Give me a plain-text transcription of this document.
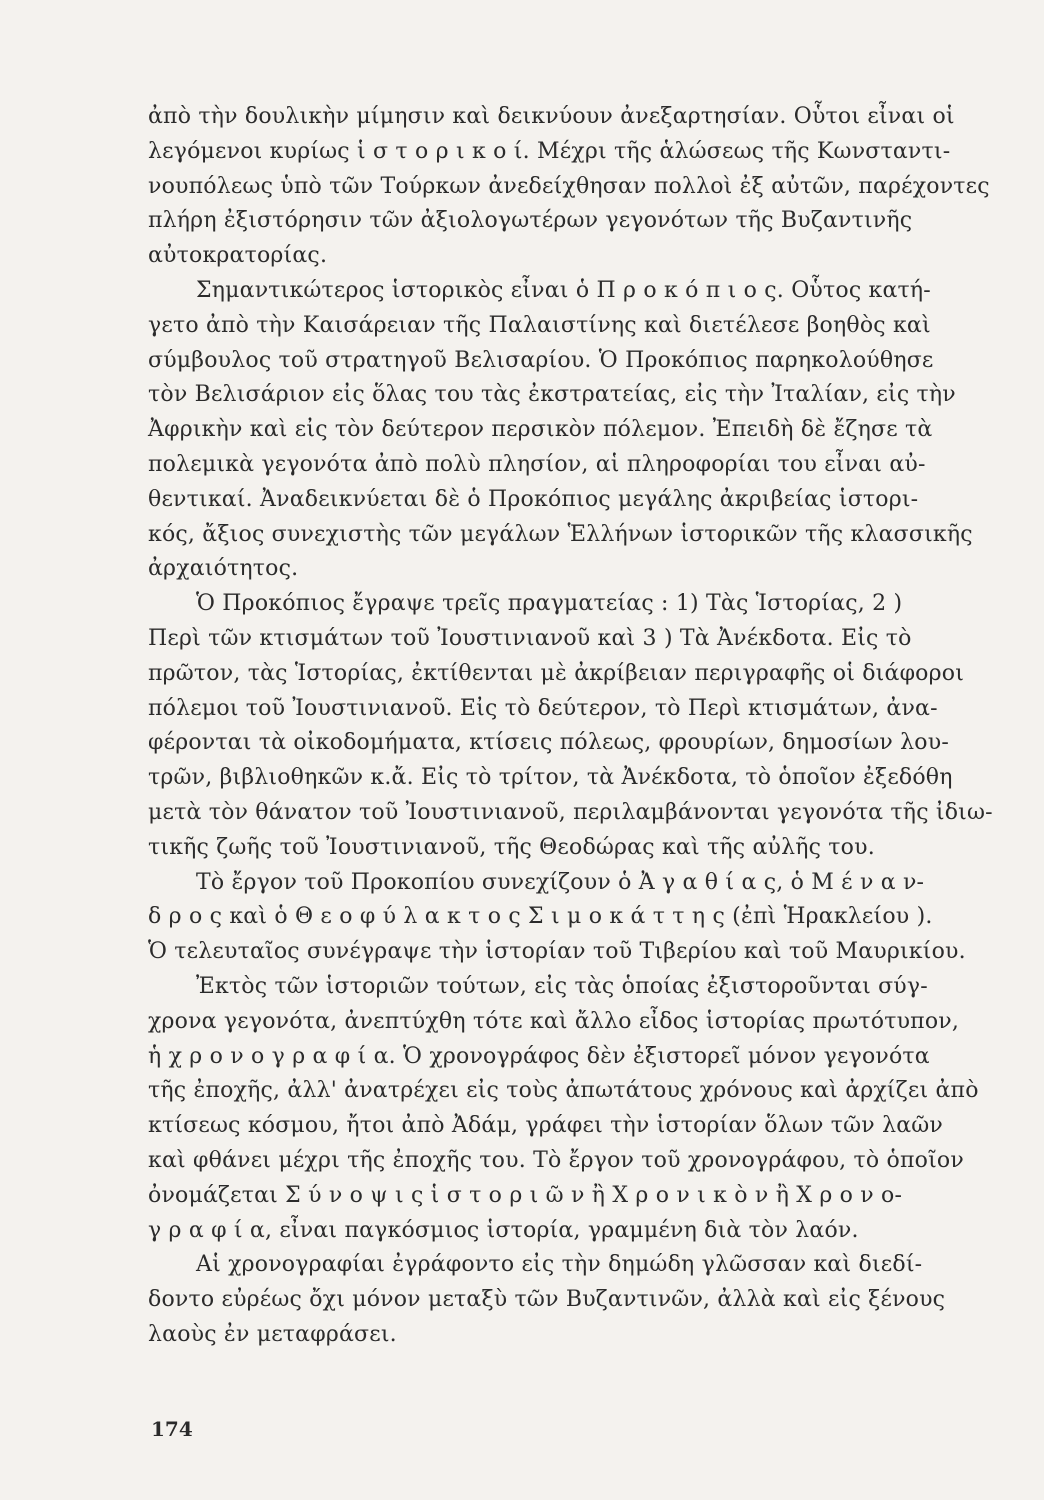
ἀπὸ τὴν δουλικὴν μίμησιν καὶ δεικνύουν ἀνεξαρτησίαν. Οὗτοι εἶναι οἱ
λεγόμενοι κυρίως ἱ σ τ ο ρ ι κ ο ί. Μέχρι τῆς ἁλώσεως τῆς Κωνσταντι-
νουπόλεως ὑπὸ τῶν Τούρκων ἀνεδείχθησαν πολλοὶ ἐξ αὐτῶν, παρέχοντες
πλήρη ἐξιστόρησιν τῶν ἀξιολογωτέρων γεγονότων τῆς Βυζαντινῆς
αὐτοκρατορίας.
Σημαντικώτερος ἱστορικὸς εἶναι ὁ Π ρ ο κ ό π ι ο ς. Οὗτος κατή-
γετο ἀπὸ τὴν Καισάρειαν τῆς Παλαιστίνης καὶ διετέλεσε βοηθὸς καὶ
σύμβουλος τοῦ στρατηγοῦ Βελισαρίου. Ὁ Προκόπιος παρηκολούθησε
τὸν Βελισάριον εἰς ὅλας του τὰς ἐκστρατείας, εἰς τὴν Ἰταλίαν, εἰς τὴν
Ἀφρικὴν καὶ εἰς τὸν δεύτερον περσικὸν πόλεμον. Ἐπειδὴ δὲ ἔζησε τὰ
πολεμικὰ γεγονότα ἀπὸ πολὺ πλησίον, αἱ πληροφορίαι του εἶναι αὐ-
θεντικαί. Ἀναδεικνύεται δὲ ὁ Προκόπιος μεγάλης ἀκριβείας ἱστορι-
κός, ἄξιος συνεχιστὴς τῶν μεγάλων Ἑλλήνων ἱστορικῶν τῆς κλασσικῆς
ἀρχαιότητος.
Ὁ Προκόπιος ἔγραψε τρεῖς πραγματείας : 1) Τὰς Ἱστορίας, 2 )
Περὶ τῶν κτισμάτων τοῦ Ἰουστινιανοῦ καὶ 3 ) Τὰ Ἀνέκδοτα. Εἰς τὸ
πρῶτον, τὰς Ἱστορίας, ἐκτίθενται μὲ ἀκρίβειαν περιγραφῆς οἱ διάφοροι
πόλεμοι τοῦ Ἰουστινιανοῦ. Εἰς τὸ δεύτερον, τὸ Περὶ κτισμάτων, ἀνα-
φέρονται τὰ οἰκοδομήματα, κτίσεις πόλεως, φρουρίων, δημοσίων λου-
τρῶν, βιβλιοθηκῶν κ.ἄ. Εἰς τὸ τρίτον, τὰ Ἀνέκδοτα, τὸ ὁποῖον ἐξεδόθη
μετὰ τὸν θάνατον τοῦ Ἰουστινιανοῦ, περιλαμβάνονται γεγονότα τῆς ἰδιω-
τικῆς ζωῆς τοῦ Ἰουστινιανοῦ, τῆς Θεοδώρας καὶ τῆς αὐλῆς του.
Τὸ ἔργον τοῦ Προκοπίου συνεχίζουν ὁ Ἀ γ α θ ί α ς, ὁ Μ έ ν α ν-
δ ρ ο ς καὶ ὁ Θ ε ο φ ύ λ α κ τ ο ς Σ ι μ ο κ ά τ τ η ς (ἐπὶ Ἡρακλείου ).
Ὁ τελευταῖος συνέγραψε τὴν ἱστορίαν τοῦ Τιβερίου καὶ τοῦ Μαυρικίου.
Ἐκτὸς τῶν ἱστοριῶν τούτων, εἰς τὰς ὁποίας ἐξιστοροῦνται σύγ-
χρονα γεγονότα, ἀνεπτύχθη τότε καὶ ἄλλο εἶδος ἱστορίας πρωτότυπον,
ἡ χ ρ ο ν ο γ ρ α φ ί α. Ὁ χρονογράφος δὲν ἐξιστορεῖ μόνον γεγονότα
τῆς ἐποχῆς, ἀλλ' ἀνατρέχει εἰς τοὺς ἀπωτάτους χρόνους καὶ ἀρχίζει ἀπὸ
κτίσεως κόσμου, ἤτοι ἀπὸ Ἀδάμ, γράφει τὴν ἱστορίαν ὅλων τῶν λαῶν
καὶ φθάνει μέχρι τῆς ἐποχῆς του. Τὸ ἔργον τοῦ χρονογράφου, τὸ ὁποῖον
ὀνομάζεται Σ ύ ν ο ψ ι ς ἱ σ τ ο ρ ι ῶ ν ἢ Χ ρ ο ν ι κ ὸ ν ἢ Χ ρ ο ν ο-
γ ρ α φ ί α, εἶναι παγκόσμιος ἱστορία, γραμμένη διὰ τὸν λαόν.
Αἱ χρονογραφίαι ἐγράφοντο εἰς τὴν δημώδη γλῶσσαν καὶ διεδί-
δοντο εὐρέως ὄχι μόνον μεταξὺ τῶν Βυζαντινῶν, ἀλλὰ καὶ εἰς ξένους
λαοὺς ἐν μεταφράσει.
174
